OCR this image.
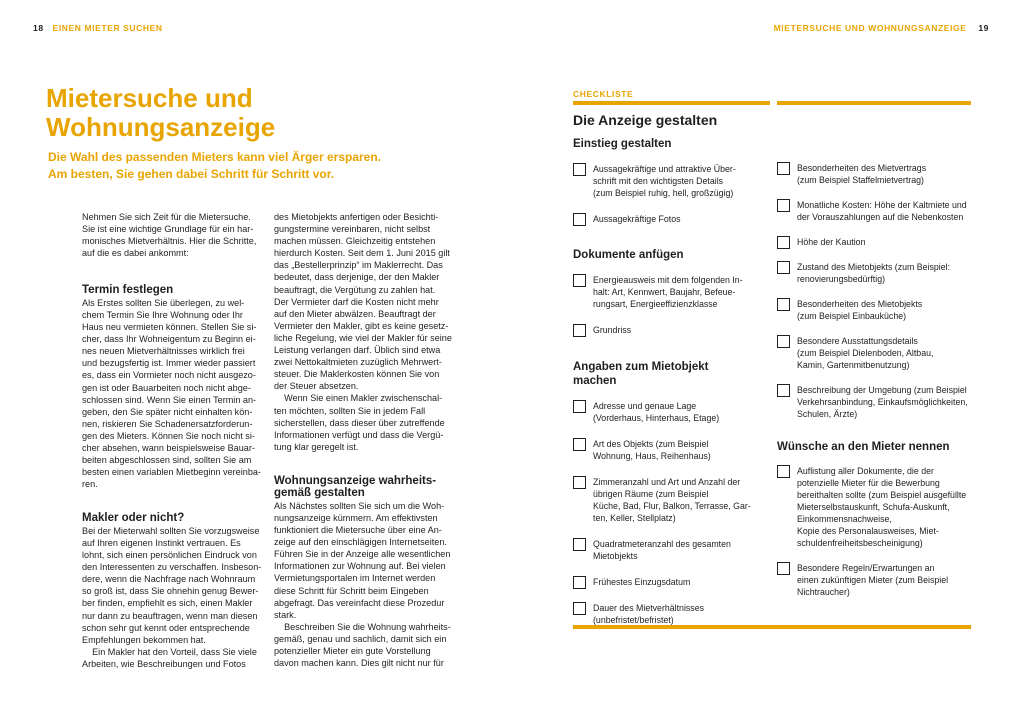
18 EINEN MIETER SUCHEN
Mietersuche und
Wohnungsanzeige
Die Wahl des passenden Mieters kann viel Ärger ersparen.
Am besten, Sie gehen dabei Schritt für Schritt vor.
Nehmen Sie sich Zeit für die Mietersuche.
Sie ist eine wichtige Grundlage für ein har-
monisches Mietverhältnis. Hier die Schritte,
auf die es dabei ankommt:
Termin festlegen
Als Erstes sollten Sie überlegen, zu wel-
chem Termin Sie Ihre Wohnung oder Ihr
Haus neu vermieten können. Stellen Sie si-
cher, dass Ihr Wohneigentum zu Beginn ei-
nes neuen Mietverhältnisses wirklich frei
und bezugsfertig ist. Immer wieder passiert
es, dass ein Vormieter noch nicht ausgezo-
gen ist oder Bauarbeiten noch nicht abge-
schlossen sind. Wenn Sie einen Termin an-
geben, den Sie später nicht einhalten kön-
nen, riskieren Sie Schadenersatzforderun-
gen des Mieters. Können Sie noch nicht si-
cher absehen, wann beispielsweise Bauar-
beiten abgeschlossen sind, sollten Sie am
besten einen variablen Mietbeginn vereinba-
ren.
Makler oder nicht?
Bei der Mieterwahl sollten Sie vorzugsweise
auf Ihren eigenen Instinkt vertrauen. Es
lohnt, sich einen persönlichen Eindruck von
den Interessenten zu verschaffen. Insbeson-
dere, wenn die Nachfrage nach Wohnraum
so groß ist, dass Sie ohnehin genug Bewer-
ber finden, empfiehlt es sich, einen Makler
nur dann zu beauftragen, wenn man diesen
schon sehr gut kennt oder entsprechende
Empfehlungen bekommen hat.
Ein Makler hat den Vorteil, dass Sie viele
Arbeiten, wie Beschreibungen und Fotos
des Mietobjekts anfertigen oder Besichti-
gungstermine vereinbaren, nicht selbst
machen müssen. Gleichzeitig entstehen
hierdurch Kosten. Seit dem 1. Juni 2015 gilt
das „Bestellerprinzip“ im Maklerrecht. Das
bedeutet, dass derjenige, der den Makler
beauftragt, die Vergütung zu zahlen hat.
Der Vermieter darf die Kosten nicht mehr
auf den Mieter abwälzen. Beauftragt der
Vermieter den Makler, gibt es keine gesetz-
liche Regelung, wie viel der Makler für seine
Leistung verlangen darf. Üblich sind etwa
zwei Nettokaltmieten zuzüglich Mehrwert-
steuer. Die Maklerkosten können Sie von
der Steuer absetzen.
Wenn Sie einen Makler zwischenschal-
ten möchten, sollten Sie in jedem Fall
sicherstellen, dass dieser über zutreffende
Informationen verfügt und dass die Vergü-
tung klar geregelt ist.
Wohnungsanzeige wahrheits-
gemäß gestalten
Als Nächstes sollten Sie sich um die Woh-
nungsanzeige kümmern. Am effektivsten
funktioniert die Mietersuche über eine An-
zeige auf den einschlägigen Internetseiten.
Führen Sie in der Anzeige alle wesentlichen
Informationen zur Wohnung auf. Bei vielen
Vermietungsportalen im Internet werden
diese Schritt für Schritt beim Eingeben
abgefragt. Das vereinfacht diese Prozedur
stark.
Beschreiben Sie die Wohnung wahrheits-
gemäß, genau und sachlich, damit sich ein
potenzieller Mieter ein gute Vorstellung
davon machen kann. Dies gilt nicht nur für
MIETERSUCHE UND WOHNUNGSANZEIGE 19
CHECKLISTE
Die Anzeige gestalten
Einstieg gestalten
Aussagekräftige und attraktive Über-
schrift mit den wichtigsten Details
(zum Beispiel ruhig, hell, großzügig)
Aussagekräftige Fotos
Dokumente anfügen
Energieausweis mit dem folgenden In-
halt: Art, Kennwert, Baujahr, Befeue-
rungsart, Energieeffizienzklasse
Grundriss
Angaben zum Mietobjekt
machen
Adresse und genaue Lage
(Vorderhaus, Hinterhaus, Etage)
Art des Objekts (zum Beispiel
Wohnung, Haus, Reihenhaus)
Zimmeranzahl und Art und Anzahl der
übrigen Räume (zum Beispiel
Küche, Bad, Flur, Balkon, Terrasse, Gar-
ten, Keller, Stellplatz)
Quadratmeteranzahl des gesamten
Mietobjekts
Frühestes Einzugsdatum
Dauer des Mietverhältnisses
(unbefristet/befristet)
Besonderheiten des Mietvertrags
(zum Beispiel Staffelmietvertrag)
Monatliche Kosten: Höhe der Kaltmiete und
der Vorauszahlungen auf die Nebenkosten
Höhe der Kaution
Zustand des Mietobjekts (zum Beispiel:
renovierungsbedürftig)
Besonderheiten des Mietobjekts
(zum Beispiel Einbauküche)
Besondere Ausstattungsdetails
(zum Beispiel Dielenboden, Altbau,
Kamin, Gartenmitbenutzung)
Beschreibung der Umgebung (zum Beispiel
Verkehrsanbindung, Einkaufsmöglichkeiten,
Schulen, Ärzte)
Wünsche an den Mieter nennen
Auflistung aller Dokumente, die der
potenzielle Mieter für die Bewerbung
bereithalten sollte (zum Beispiel ausgefüllte
Mieterselbstauskunft, Schufa-Auskunft,
Einkommensnachweise,
Kopie des Personalausweises, Miet-
schuldenfreiheitsbescheinigung)
Besondere Regeln/Erwartungen an
einen zukünftigen Mieter (zum Beispiel
Nichtraucher)
